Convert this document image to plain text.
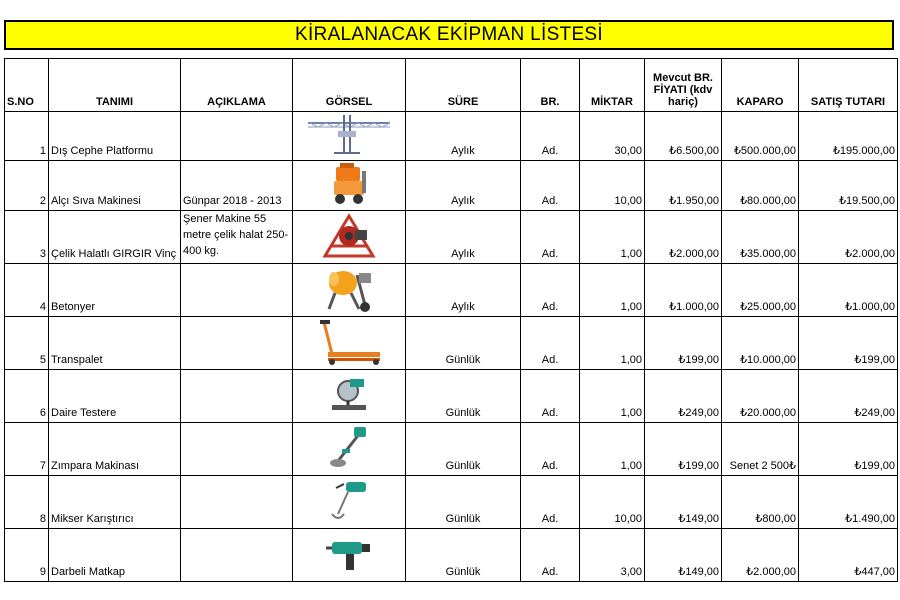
KİRALANACAK EKİPMAN LİSTESİ
S.NO	TANIMI	AÇIKLAMA	GÖRSEL	SÜRE	BR.	MİKTAR	Mevcut BR. FİYATI (kdv hariç)	KAPARO	SATIŞ TUTARI
1	Dış Cephe Platformu			Aylık	Ad.	30,00	₺6.500,00	₺500.000,00	₺195.000,00
2	Alçı Sıva Makinesi	Günpar 2018 - 2013		Aylık	Ad.	10,00	₺1.950,00	₺80.000,00	₺19.500,00
3	Çelik Halatlı GIRGIR Vinç	Şener Makine 55 metre çelik halat 250-400 kg.		Aylık	Ad.	1,00	₺2.000,00	₺35.000,00	₺2.000,00
4	Betonyer			Aylık	Ad.	1,00	₺1.000,00	₺25.000,00	₺1.000,00
5	Transpalet			Günlük	Ad.	1,00	₺199,00	₺10.000,00	₺199,00
6	Daire Testere			Günlük	Ad.	1,00	₺249,00	₺20.000,00	₺249,00
7	Zımpara Makinası			Günlük	Ad.	1,00	₺199,00	Senet 2 500₺	₺199,00
8	Mikser Karıştırıcı			Günlük	Ad.	10,00	₺149,00	₺800,00	₺1.490,00
9	Darbeli Matkap			Günlük	Ad.	3,00	₺149,00	₺2.000,00	₺447,00
